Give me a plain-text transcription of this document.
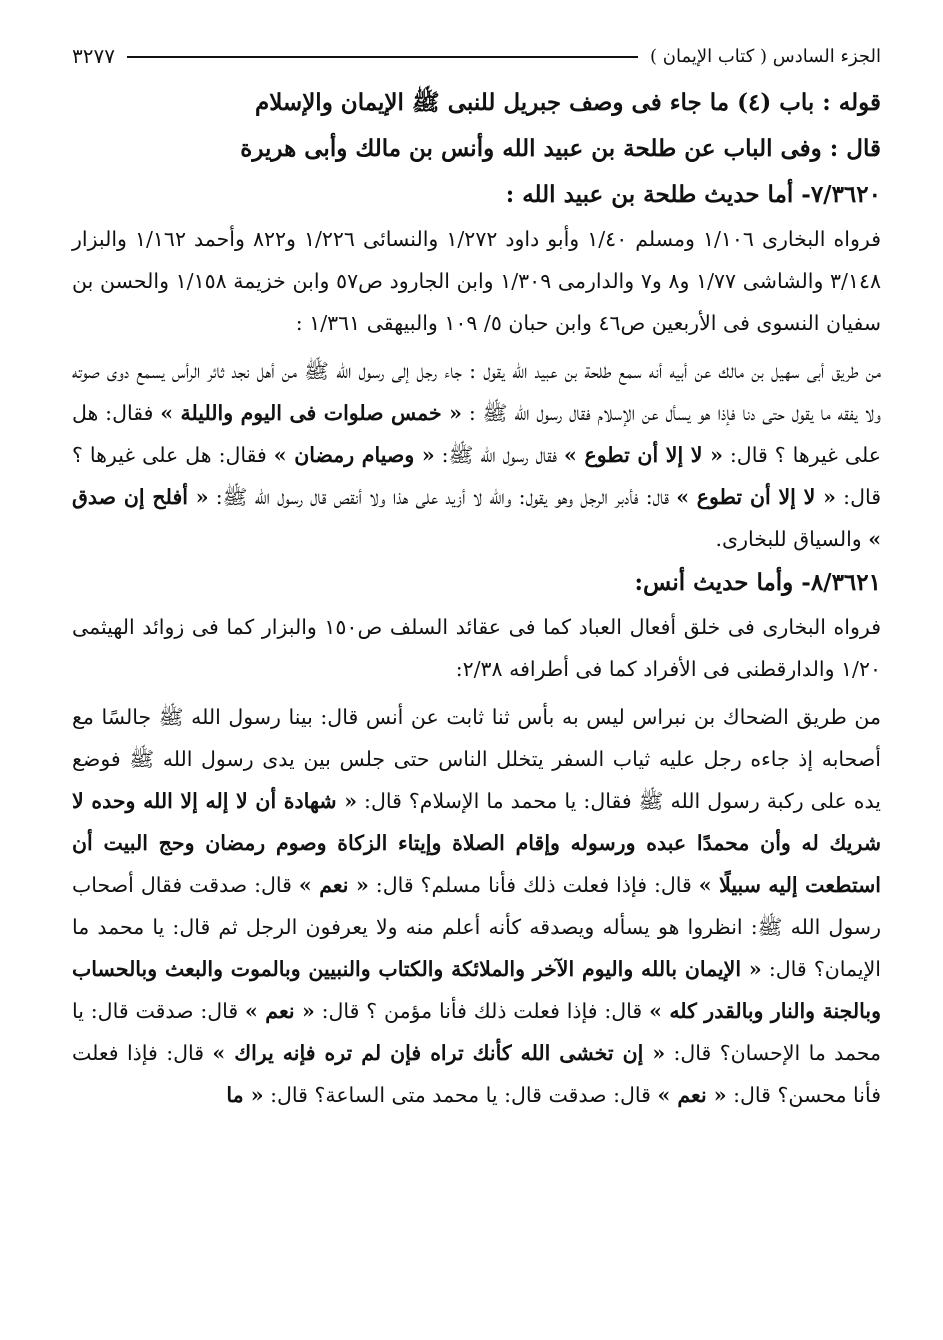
الجزء السادس ( كتاب الإيمان )
٣٢٧٧

قوله : باب (٤) ما جاء فى وصف جبريل للنبى ﷺ الإيمان والإسلام

قال : وفى الباب عن طلحة بن عبيد الله وأنس بن مالك وأبى هريرة

٧/٣٦٢٠- أما حديث طلحة بن عبيد الله :

فرواه البخارى ١/١٠٦ ومسلم ١/٤٠ وأبو داود ١/٢٧٢ والنسائى ١/٢٢٦ و٨٢٢ وأحمد ١/١٦٢ والبزار ٣/١٤٨ والشاشى ١/٧٧ و٨ و٧ والدارمى ١/٣٠٩ وابن الجارود ص٥٧ وابن خزيمة ١/١٥٨ والحسن بن سفيان النسوى فى الأربعين ص٤٦ وابن حبان ٥/ ١٠٩ والبيهقى ١/٣٦١ :

من طريق أبى سهيل بن مالك عن أبيه أنه سمع طلحة بن عبيد الله يقول : جاء رجل إلى رسول الله ﷺ من أهل نجد ثائر الرأس يسمع دوى صوته ولا يفقه ما يقول حتى دنا فإذا هو يسأل عن الإسلام فقال رسول الله ﷺ : « خمس صلوات فى اليوم والليلة » فقال: هل على غيرها ؟ قال: « لا إلا أن تطوع » فقال رسول الله ﷺ: « وصيام رمضان » فقال: هل على غيرها ؟ قال: « لا إلا أن تطوع » قال: فأدبر الرجل وهو يقول: والله لا أزيد على هذا ولا أنقص قال رسول الله ﷺ: « أفلح إن صدق » والسياق للبخارى.

٨/٣٦٢١- وأما حديث أنس:

فرواه البخارى فى خلق أفعال العباد كما فى عقائد السلف ص١٥٠ والبزار كما فى زوائد الهيثمى ١/٢٠ والدارقطنى فى الأفراد كما فى أطرافه ٢/٣٨:

من طريق الضحاك بن نبراس ليس به بأس ثنا ثابت عن أنس قال: بينا رسول الله ﷺ جالسًا مع أصحابه إذ جاءه رجل عليه ثياب السفر يتخلل الناس حتى جلس بين يدى رسول الله ﷺ فوضع يده على ركبة رسول الله ﷺ فقال: يا محمد ما الإسلام؟ قال: « شهادة أن لا إله إلا الله وحده لا شريك له وأن محمدًا عبده ورسوله وإقام الصلاة وإيتاء الزكاة وصوم رمضان وحج البيت أن استطعت إليه سبيلًا » قال: فإذا فعلت ذلك فأنا مسلم؟ قال: « نعم » قال: صدقت فقال أصحاب رسول الله ﷺ: انظروا هو يسأله ويصدقه كأنه أعلم منه ولا يعرفون الرجل ثم قال: يا محمد ما الإيمان؟ قال: « الإيمان بالله واليوم الآخر والملائكة والكتاب والنبيين وبالموت والبعث وبالحساب وبالجنة والنار وبالقدر كله » قال: فإذا فعلت ذلك فأنا مؤمن ؟ قال: « نعم » قال: صدقت قال: يا محمد ما الإحسان؟ قال: « إن تخشى الله كأنك تراه فإن لم تره فإنه يراك » قال: فإذا فعلت فأنا محسن؟ قال: « نعم » قال: صدقت قال: يا محمد متى الساعة؟ قال: « ما
